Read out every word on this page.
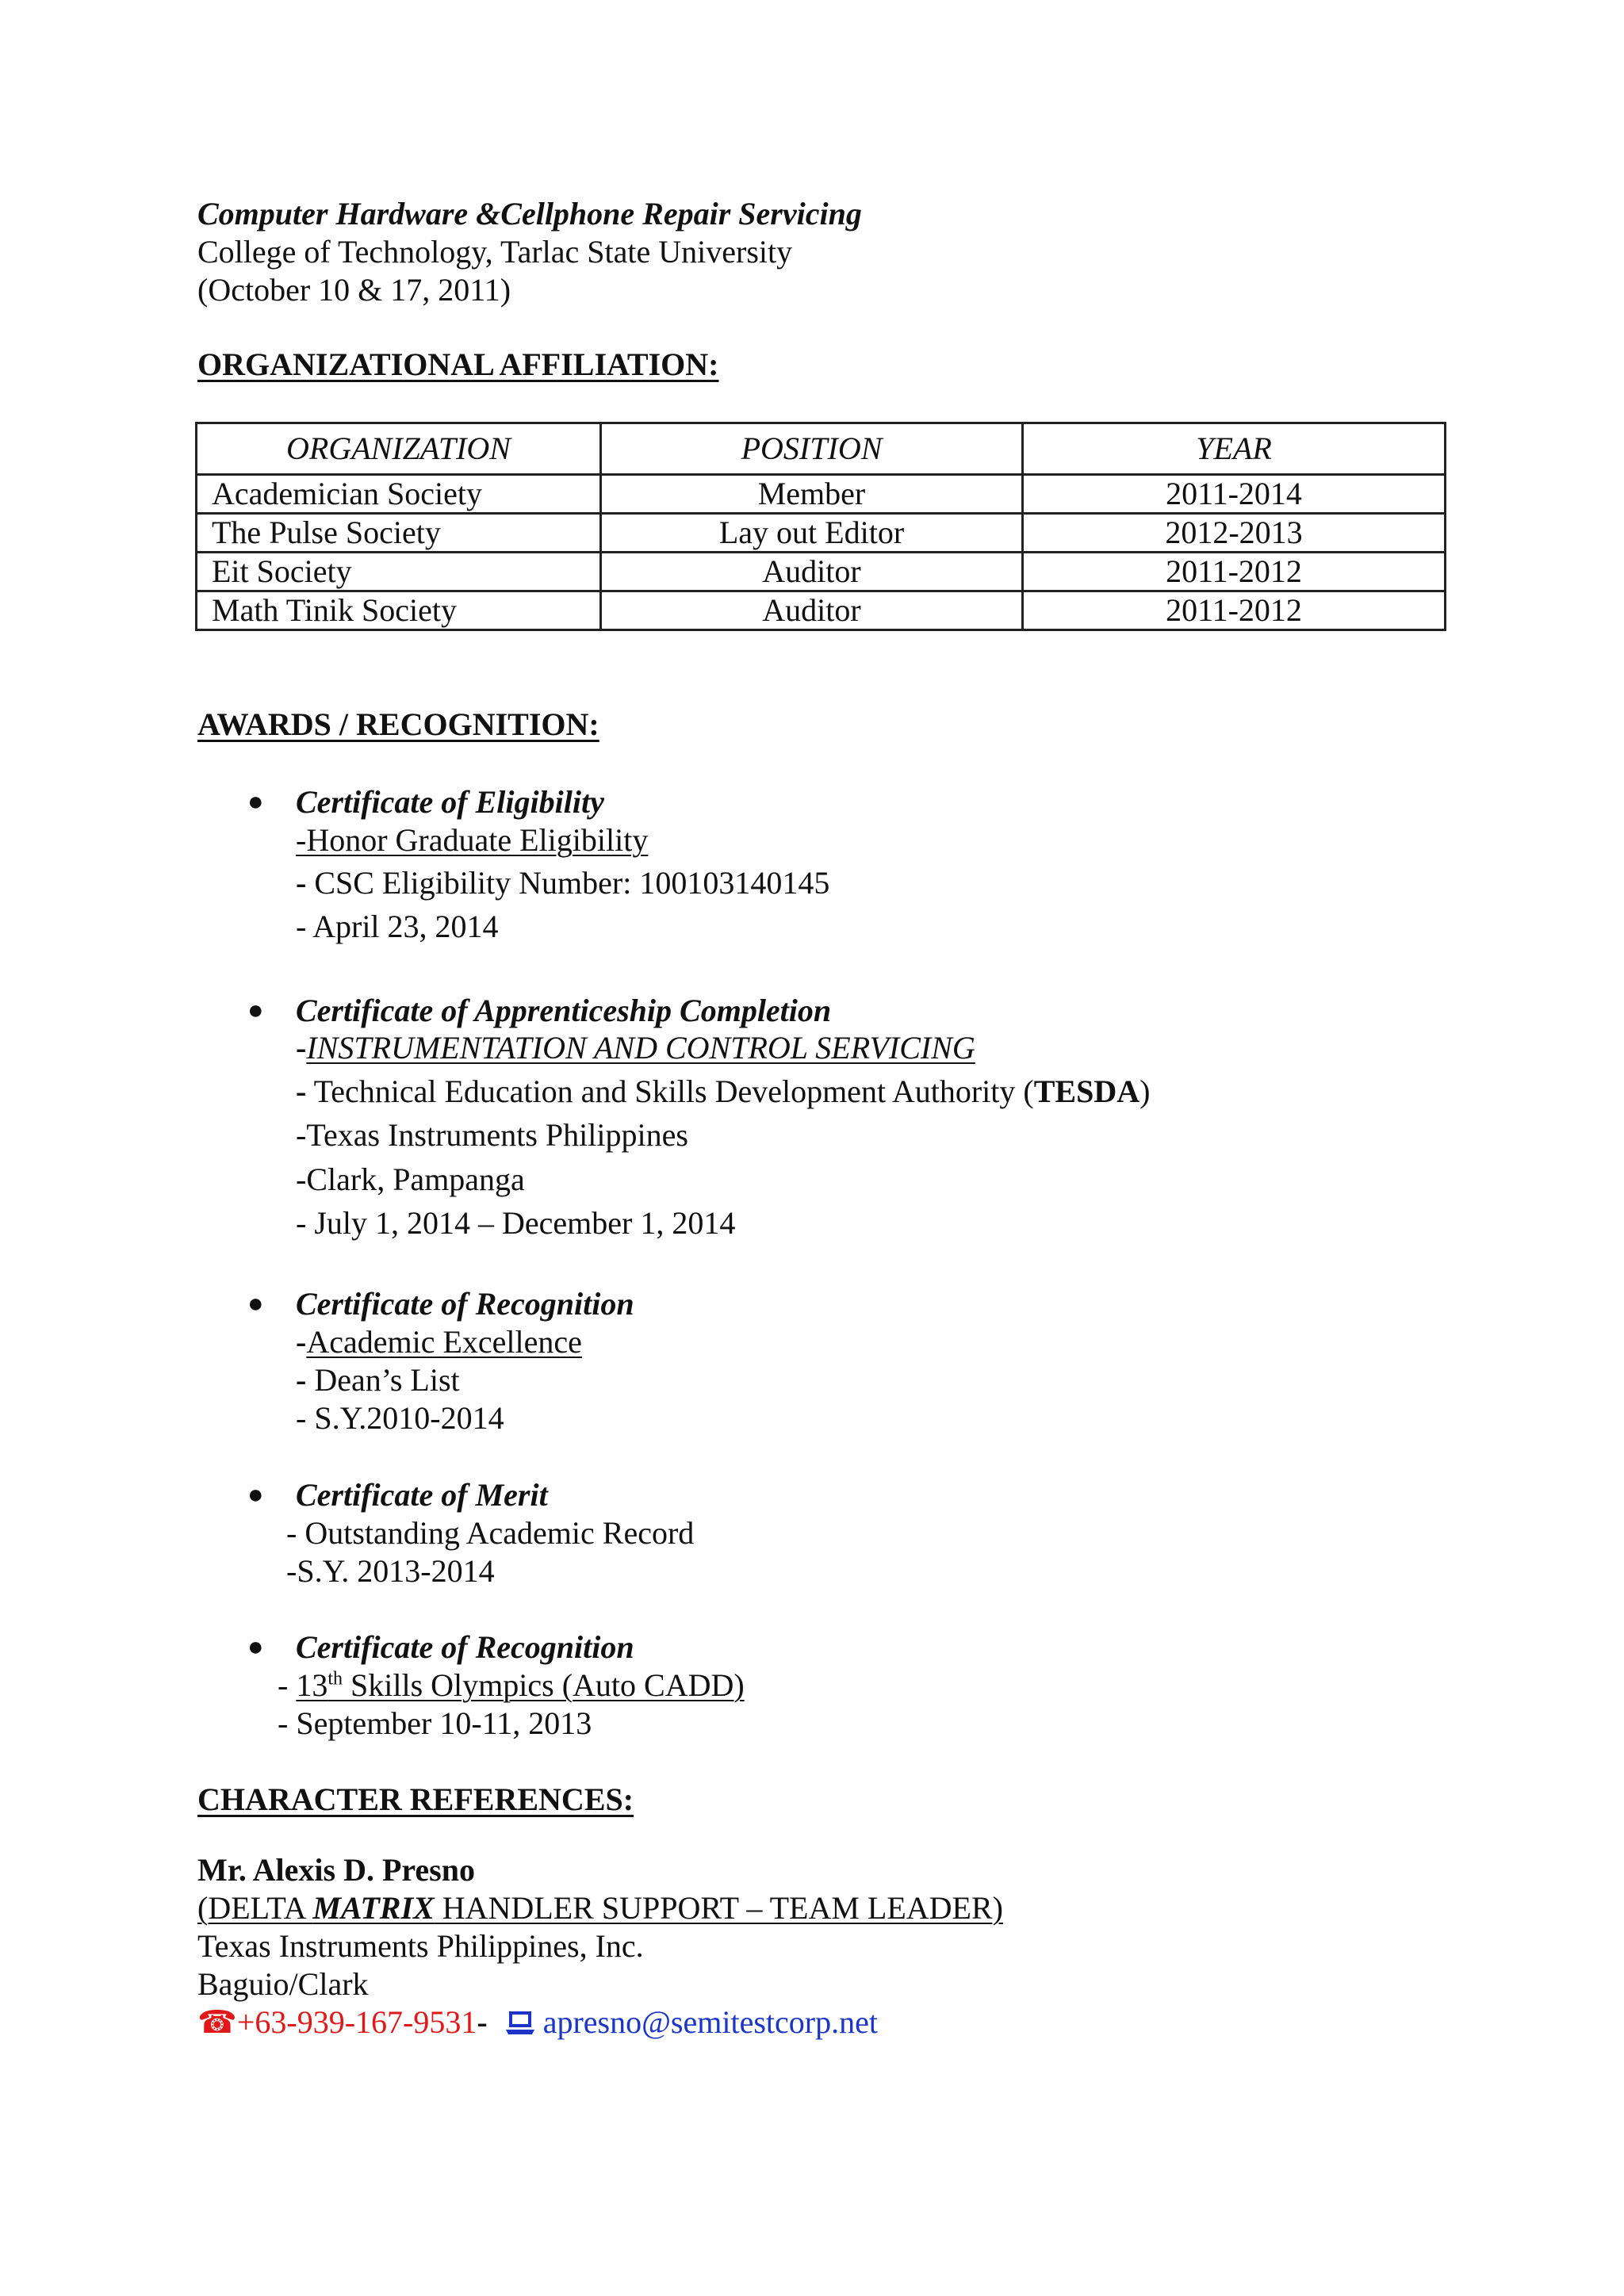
Computer Hardware &Cellphone Repair Servicing
College of Technology, Tarlac State University
(October 10 & 17, 2011)
ORGANIZATIONAL AFFILIATION:
ORGANIZATION	POSITION	YEAR
Academician Society	Member	2011-2014
The Pulse Society	Lay out Editor	2012-2013
Eit Society	Auditor	2011-2012
Math Tinik Society	Auditor	2011-2012
AWARDS / RECOGNITION:
● Certificate of Eligibility
-Honor Graduate Eligibility
- CSC Eligibility Number: 100103140145
- April 23, 2014
● Certificate of Apprenticeship Completion
-INSTRUMENTATION AND CONTROL SERVICING
- Technical Education and Skills Development Authority (TESDA)
-Texas Instruments Philippines
-Clark, Pampanga
- July 1, 2014 – December 1, 2014
● Certificate of Recognition
-Academic Excellence
- Dean’s List
- S.Y.2010-2014
● Certificate of Merit
- Outstanding Academic Record
-S.Y. 2013-2014
● Certificate of Recognition
- 13th Skills Olympics (Auto CADD)
- September 10-11, 2013
CHARACTER REFERENCES:
Mr. Alexis D. Presno
(DELTA MATRIX HANDLER SUPPORT – TEAM LEADER)
Texas Instruments Philippines, Inc.
Baguio/Clark
☎+63-939-167-9531- apresno@semitestcorp.net
